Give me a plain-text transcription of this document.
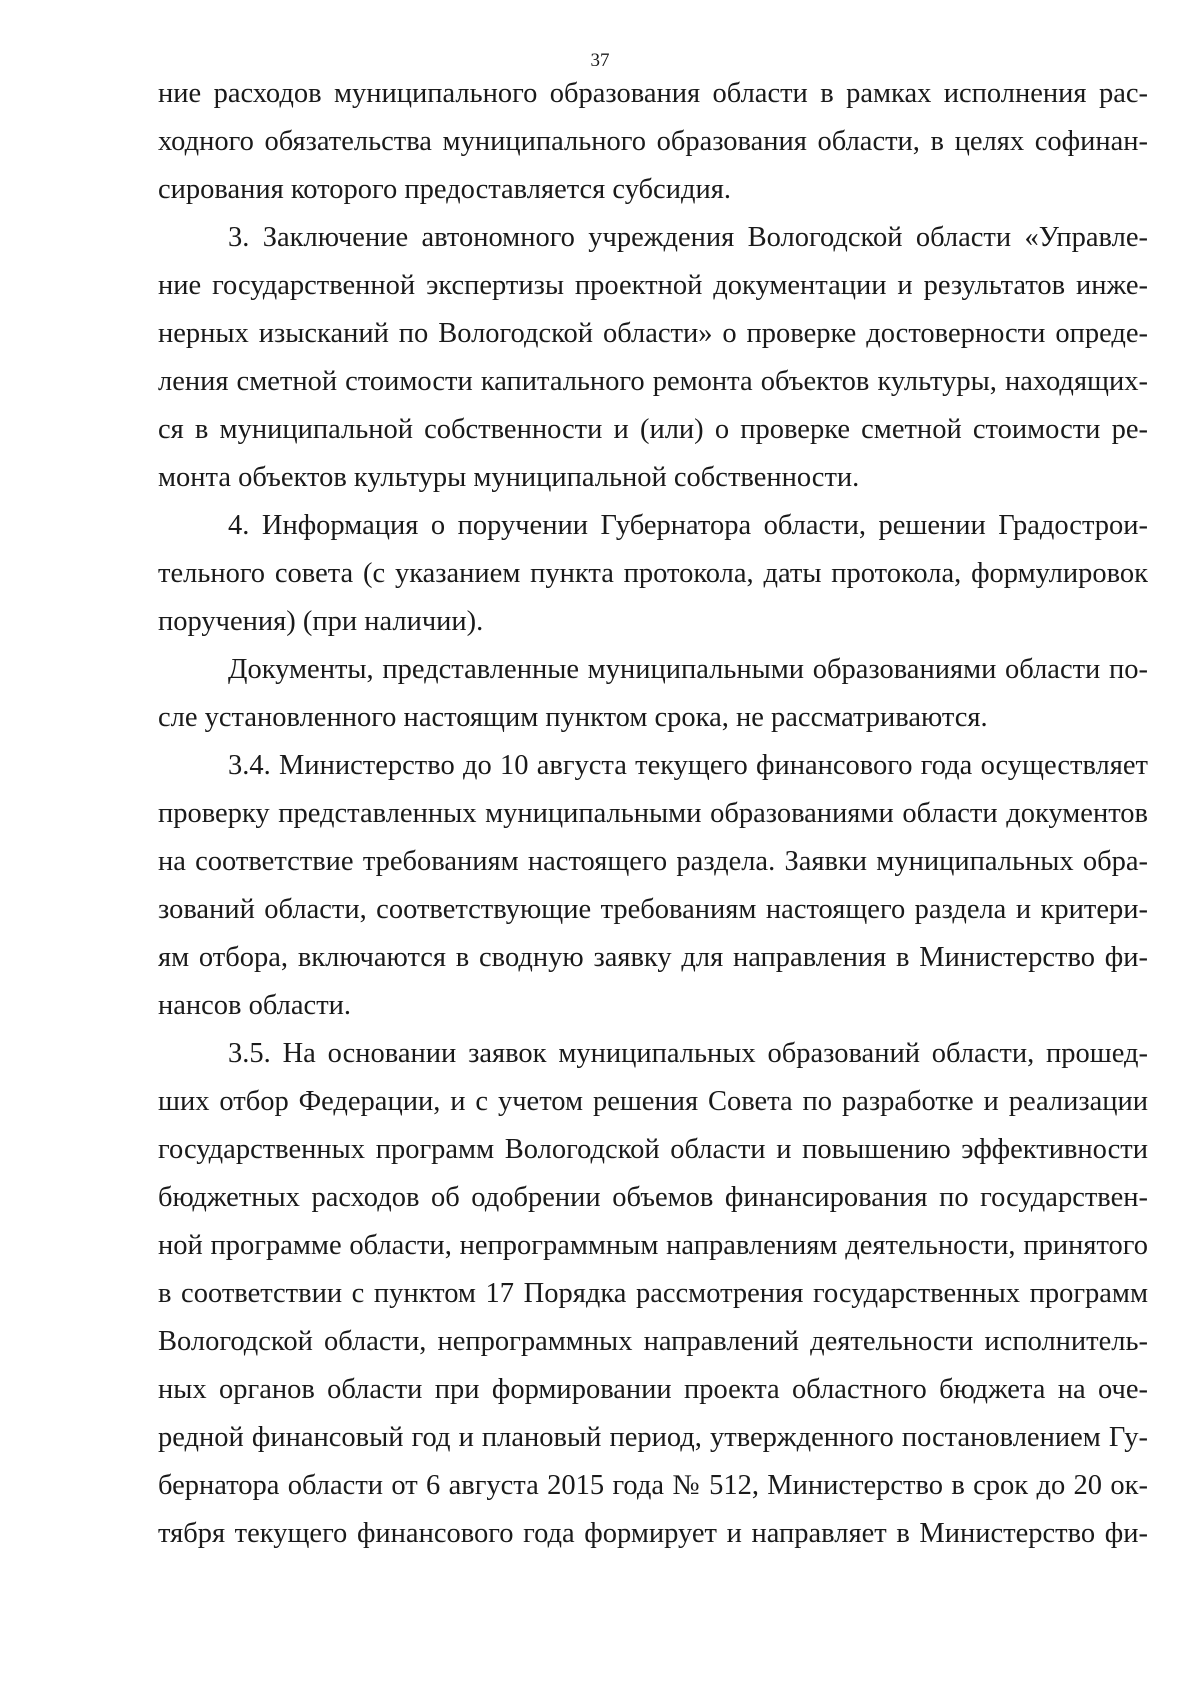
37
ние расходов муниципального образования области в рамках исполнения рас-
ходного обязательства муниципального образования области, в целях софинан-
сирования которого предоставляется субсидия.
3. Заключение автономного учреждения Вологодской области «Управле-
ние государственной экспертизы проектной документации и результатов инже-
нерных изысканий по Вологодской области» о проверке достоверности опреде-
ления сметной стоимости капитального ремонта объектов культуры, находящих-
ся в муниципальной собственности и (или) о проверке сметной стоимости ре-
монта объектов культуры муниципальной собственности.
4. Информация о поручении Губернатора области, решении Градострои-
тельного совета (с указанием пункта протокола, даты протокола, формулировок
поручения) (при наличии).
Документы, представленные муниципальными образованиями области по-
сле установленного настоящим пунктом срока, не рассматриваются.
3.4. Министерство до 10 августа текущего финансового года осуществляет
проверку представленных муниципальными образованиями области документов
на соответствие требованиям настоящего раздела. Заявки муниципальных обра-
зований области, соответствующие требованиям настоящего раздела и критери-
ям отбора, включаются в сводную заявку для направления в Министерство фи-
нансов области.
3.5. На основании заявок муниципальных образований области, прошед-
ших отбор Федерации, и с учетом решения Совета по разработке и реализации
государственных программ Вологодской области и повышению эффективности
бюджетных расходов об одобрении объемов финансирования по государствен-
ной программе области, непрограммным направлениям деятельности, принятого
в соответствии с пунктом 17 Порядка рассмотрения государственных программ
Вологодской области, непрограммных направлений деятельности исполнитель-
ных органов области при формировании проекта областного бюджета на оче-
редной финансовый год и плановый период, утвержденного постановлением Гу-
бернатора области от 6 августа 2015 года № 512, Министерство в срок до 20 ок-
тября текущего финансового года формирует и направляет в Министерство фи-
